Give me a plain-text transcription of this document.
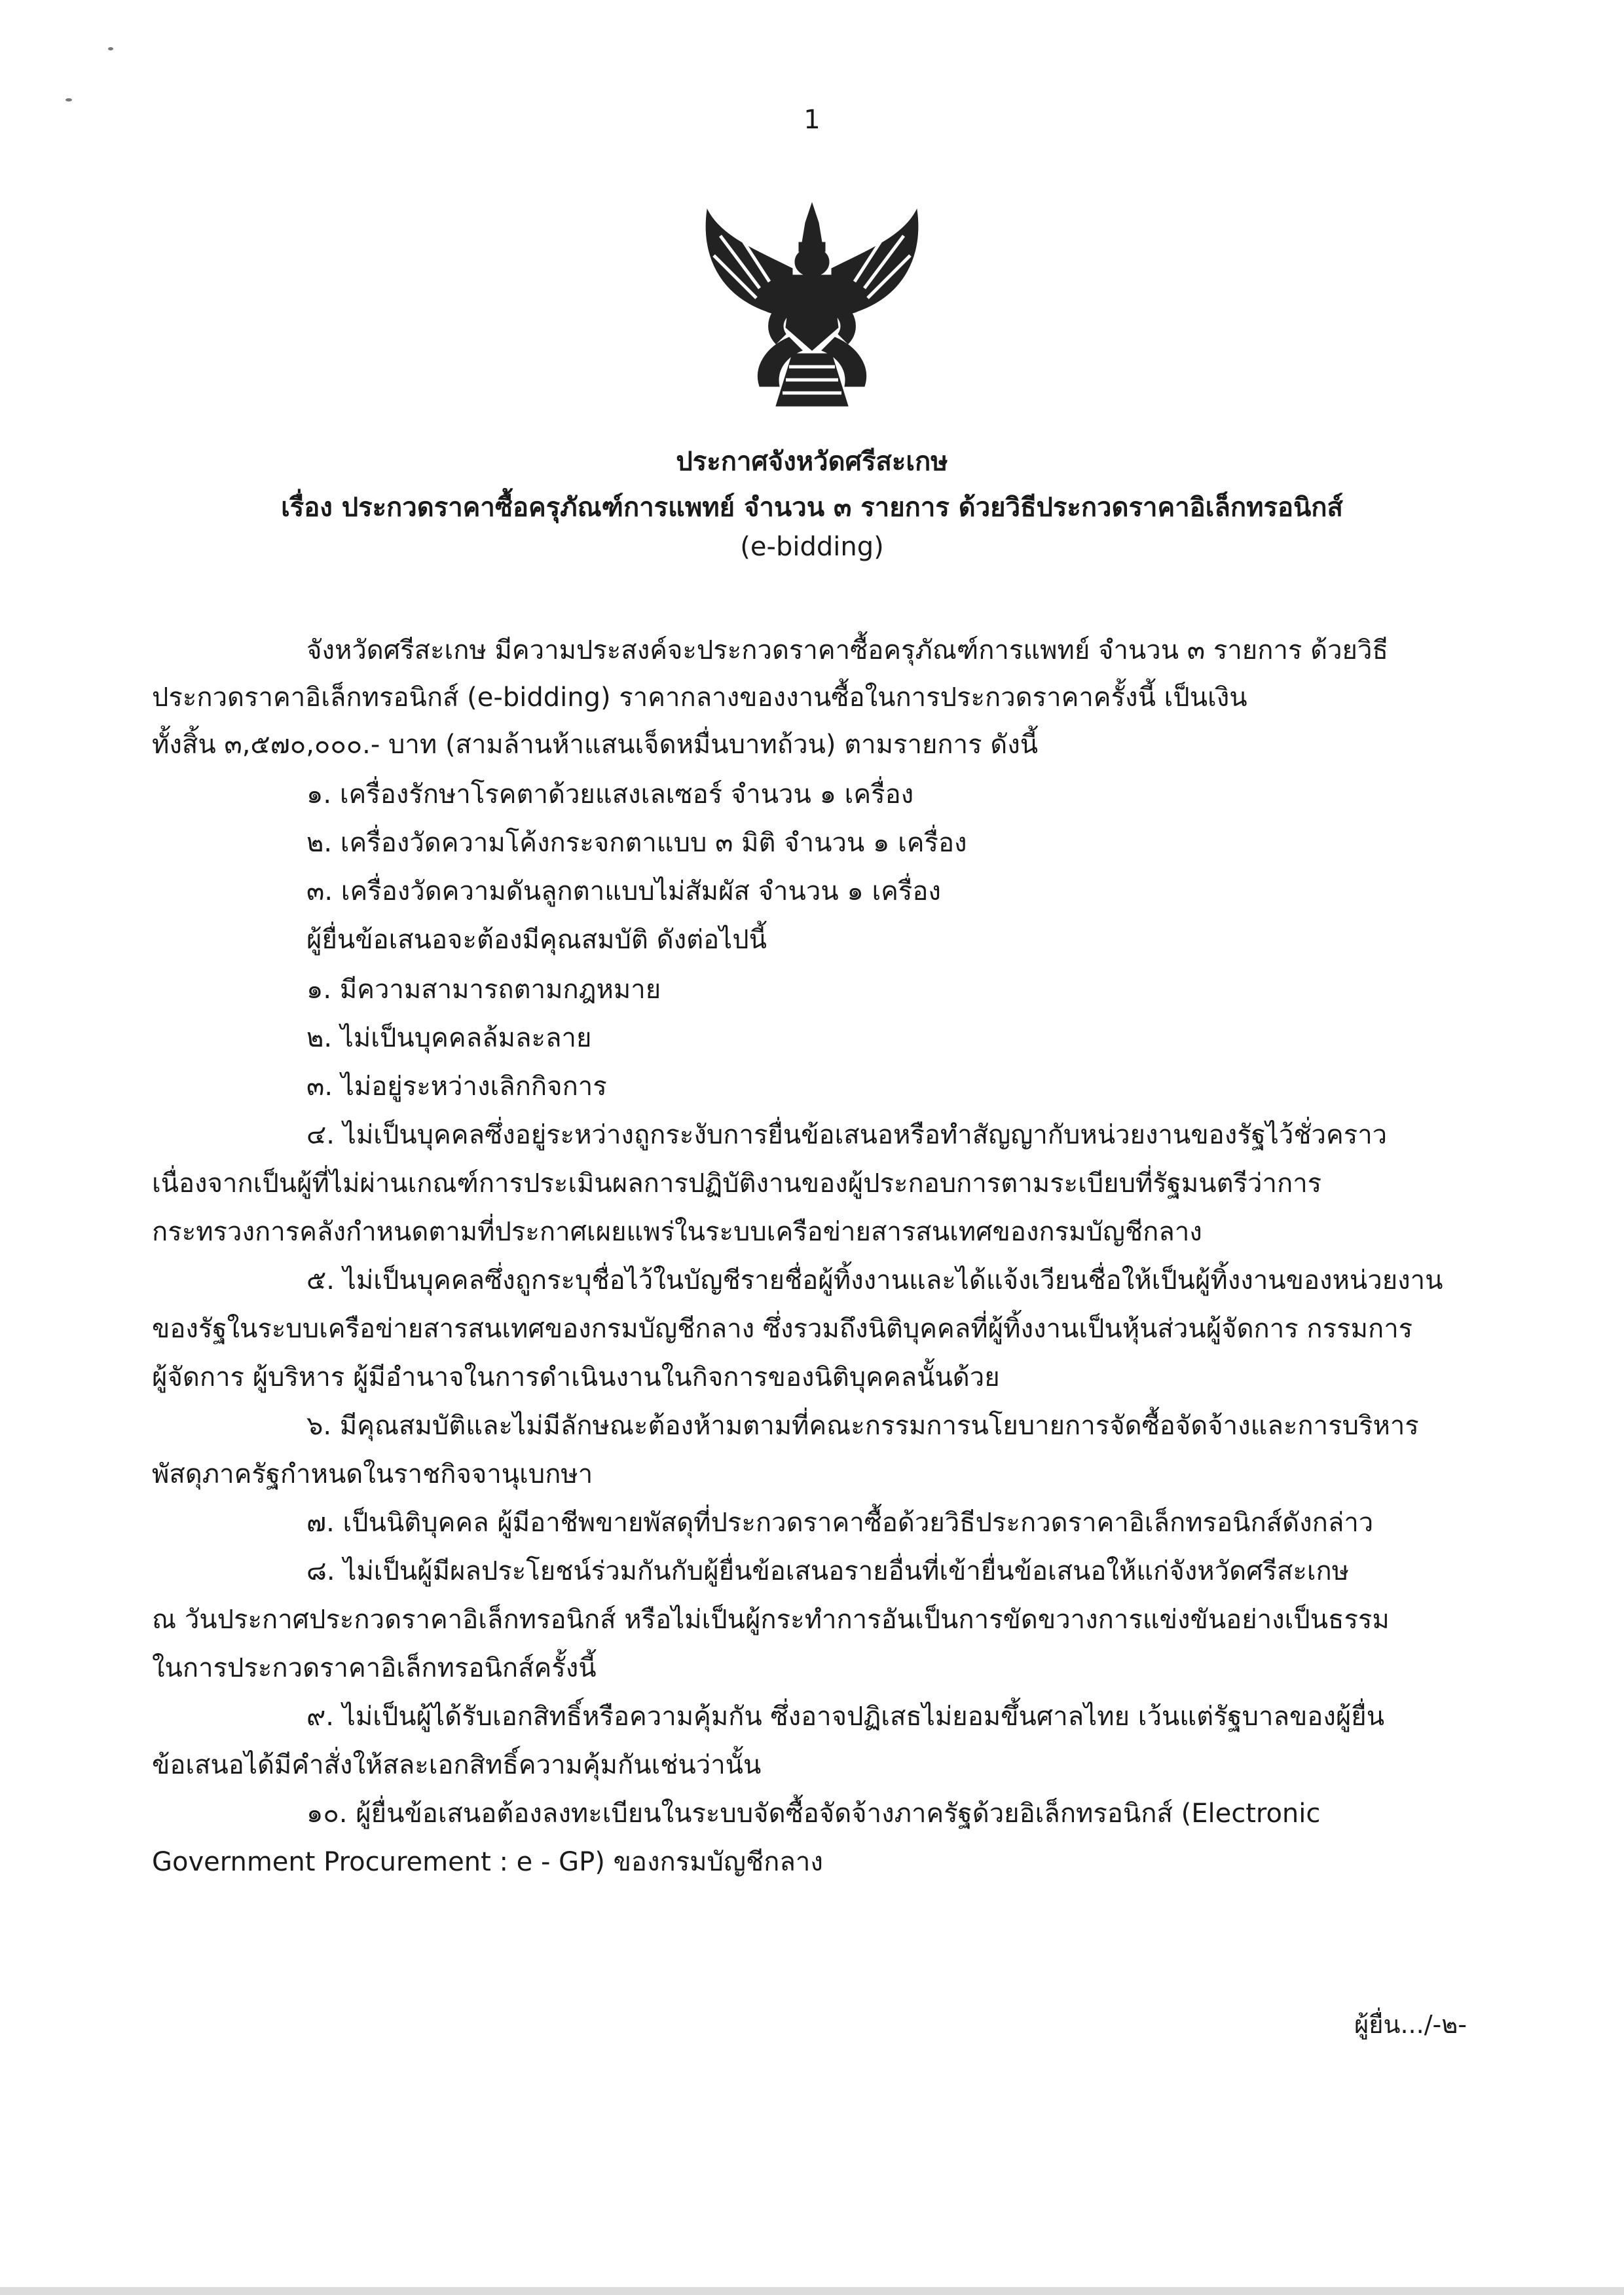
1
ประกาศจังหวัดศรีสะเกษ
เรื่อง ประกวดราคาซื้อครุภัณฑ์การแพทย์ จำนวน ๓ รายการ ด้วยวิธีประกวดราคาอิเล็กทรอนิกส์
(e-bidding)
จังหวัดศรีสะเกษ มีความประสงค์จะประกวดราคาซื้อครุภัณฑ์การแพทย์ จำนวน ๓ รายการ ด้วยวิธี
ประกวดราคาอิเล็กทรอนิกส์ (e-bidding) ราคากลางของงานซื้อในการประกวดราคาครั้งนี้ เป็นเงิน
ทั้งสิ้น ๓,๕๗๐,๐๐๐.- บาท (สามล้านห้าแสนเจ็ดหมื่นบาทถ้วน) ตามรายการ ดังนี้
๑. เครื่องรักษาโรคตาด้วยแสงเลเซอร์ จำนวน ๑ เครื่อง
๒. เครื่องวัดความโค้งกระจกตาแบบ ๓ มิติ จำนวน ๑ เครื่อง
๓. เครื่องวัดความดันลูกตาแบบไม่สัมผัส จำนวน ๑ เครื่อง
ผู้ยื่นข้อเสนอจะต้องมีคุณสมบัติ ดังต่อไปนี้
๑. มีความสามารถตามกฎหมาย
๒. ไม่เป็นบุคคลล้มละลาย
๓. ไม่อยู่ระหว่างเลิกกิจการ
๔. ไม่เป็นบุคคลซึ่งอยู่ระหว่างถูกระงับการยื่นข้อเสนอหรือทำสัญญากับหน่วยงานของรัฐไว้ชั่วคราว
เนื่องจากเป็นผู้ที่ไม่ผ่านเกณฑ์การประเมินผลการปฏิบัติงานของผู้ประกอบการตามระเบียบที่รัฐมนตรีว่าการ
กระทรวงการคลังกำหนดตามที่ประกาศเผยแพร่ในระบบเครือข่ายสารสนเทศของกรมบัญชีกลาง
๕. ไม่เป็นบุคคลซึ่งถูกระบุชื่อไว้ในบัญชีรายชื่อผู้ทิ้งงานและได้แจ้งเวียนชื่อให้เป็นผู้ทิ้งงานของหน่วยงาน
ของรัฐในระบบเครือข่ายสารสนเทศของกรมบัญชีกลาง ซึ่งรวมถึงนิติบุคคลที่ผู้ทิ้งงานเป็นหุ้นส่วนผู้จัดการ กรรมการ
ผู้จัดการ ผู้บริหาร ผู้มีอำนาจในการดำเนินงานในกิจการของนิติบุคคลนั้นด้วย
๖. มีคุณสมบัติและไม่มีลักษณะต้องห้ามตามที่คณะกรรมการนโยบายการจัดซื้อจัดจ้างและการบริหาร
พัสดุภาครัฐกำหนดในราชกิจจานุเบกษา
๗. เป็นนิติบุคคล ผู้มีอาชีพขายพัสดุที่ประกวดราคาซื้อด้วยวิธีประกวดราคาอิเล็กทรอนิกส์ดังกล่าว
๘. ไม่เป็นผู้มีผลประโยชน์ร่วมกันกับผู้ยื่นข้อเสนอรายอื่นที่เข้ายื่นข้อเสนอให้แก่จังหวัดศรีสะเกษ
ณ วันประกาศประกวดราคาอิเล็กทรอนิกส์ หรือไม่เป็นผู้กระทำการอันเป็นการขัดขวางการแข่งขันอย่างเป็นธรรม
ในการประกวดราคาอิเล็กทรอนิกส์ครั้งนี้
๙. ไม่เป็นผู้ได้รับเอกสิทธิ์หรือความคุ้มกัน ซึ่งอาจปฏิเสธไม่ยอมขึ้นศาลไทย เว้นแต่รัฐบาลของผู้ยื่น
ข้อเสนอได้มีคำสั่งให้สละเอกสิทธิ์ความคุ้มกันเช่นว่านั้น
๑๐. ผู้ยื่นข้อเสนอต้องลงทะเบียนในระบบจัดซื้อจัดจ้างภาครัฐด้วยอิเล็กทรอนิกส์ (Electronic
Government Procurement : e - GP) ของกรมบัญชีกลาง
ผู้ยื่น.../-๒-
